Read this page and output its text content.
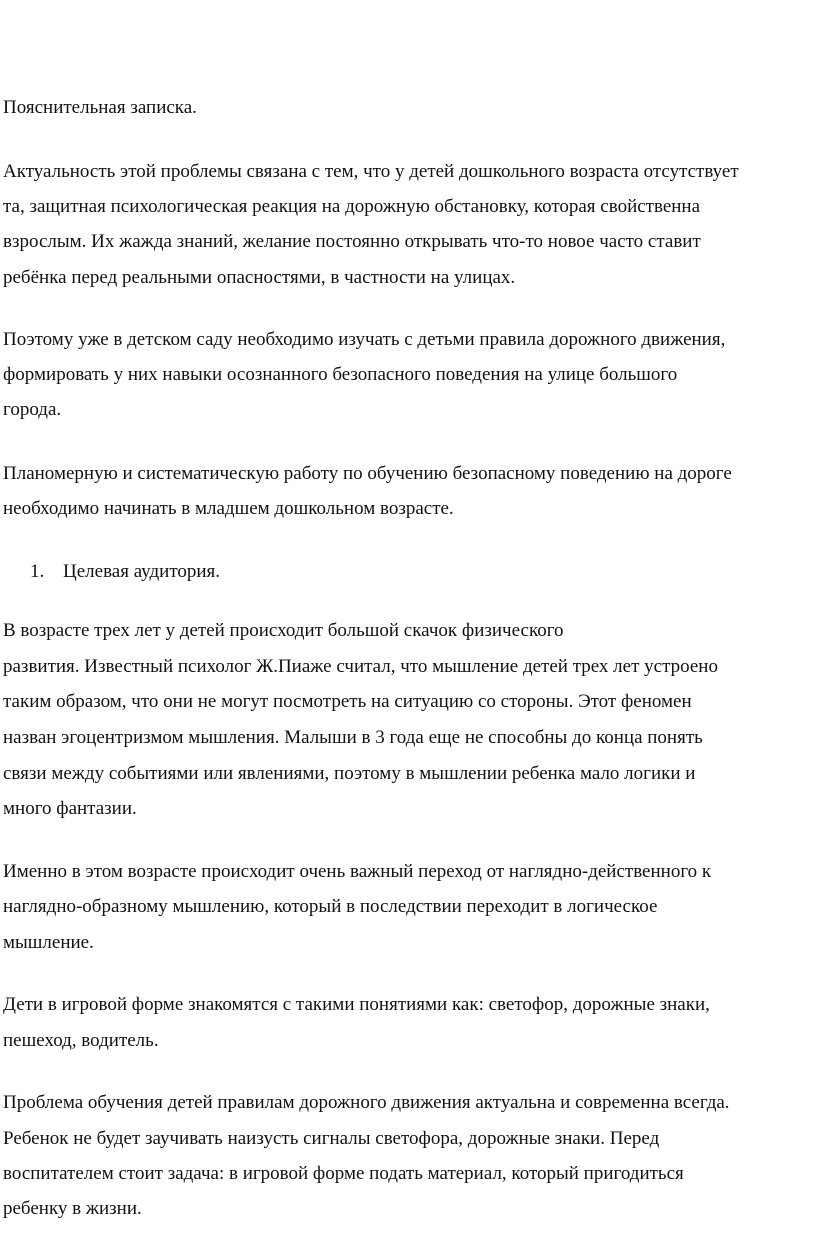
Пояснительная записка.
Актуальность этой проблемы связана с тем, что у детей дошкольного возраста отсутствует
та, защитная психологическая реакция на дорожную обстановку, которая свойственна
взрослым. Их жажда знаний, желание постоянно открывать что-то новое часто ставит
ребёнка перед реальными опасностями, в частности на улицах.
Поэтому уже в детском саду необходимо изучать с детьми правила дорожного движения,
формировать у них навыки осознанного безопасного поведения на улице большого
города.
Планомерную и систематическую работу по обучению безопасному поведению на дороге
необходимо начинать в младшем дошкольном возрасте.
1. Целевая аудитория.
В возрасте трех лет у детей происходит большой скачок физического
развития. Известный психолог Ж.Пиаже считал, что мышление детей трех лет устроено
таким образом, что они не могут посмотреть на ситуацию со стороны. Этот феномен
назван эгоцентризмом мышления. Малыши в 3 года еще не способны до конца понять
связи между событиями или явлениями, поэтому в мышлении ребенка мало логики и
много фантазии.
Именно в этом возрасте происходит очень важный переход от наглядно-действенного к
наглядно-образному мышлению, который в последствии переходит в логическое
мышление.
Дети в игровой форме знакомятся с такими понятиями как: светофор, дорожные знаки,
пешеход, водитель.
Проблема обучения детей правилам дорожного движения актуальна и современна всегда.
Ребенок не будет заучивать наизусть сигналы светофора, дорожные знаки. Перед
воспитателем стоит задача: в игровой форме подать материал, который пригодиться
ребенку в жизни.
